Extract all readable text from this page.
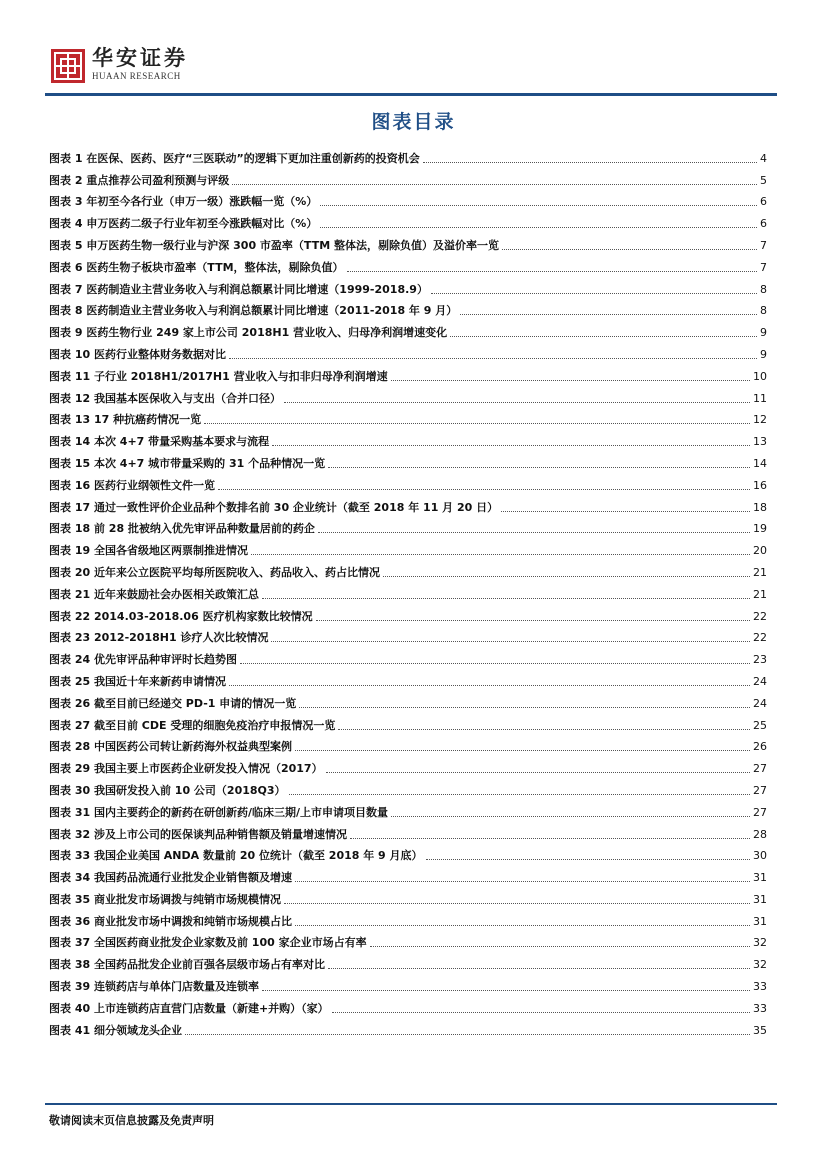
华安证券
HUAAN RESEARCH
图表目录
图表 1 在医保、医药、医疗“三医联动”的逻辑下更加注重创新药的投资机会	4
图表 2 重点推荐公司盈利预测与评级	5
图表 3 年初至今各行业（申万一级）涨跌幅一览（%）	6
图表 4 申万医药二级子行业年初至今涨跌幅对比（%）	6
图表 5 申万医药生物一级行业与沪深 300 市盈率（TTM 整体法，剔除负值）及溢价率一览	7
图表 6 医药生物子板块市盈率（TTM，整体法，剔除负值）	7
图表 7 医药制造业主营业务收入与利润总额累计同比增速（1999-2018.9）	8
图表 8 医药制造业主营业务收入与利润总额累计同比增速（2011-2018 年 9 月）	8
图表 9 医药生物行业 249 家上市公司 2018H1 营业收入、归母净利润增速变化	9
图表 10 医药行业整体财务数据对比	9
图表 11 子行业 2018H1/2017H1 营业收入与扣非归母净利润增速	10
图表 12 我国基本医保收入与支出（合并口径）	11
图表 13 17 种抗癌药情况一览	12
图表 14 本次 4+7 带量采购基本要求与流程	13
图表 15 本次 4+7 城市带量采购的 31 个品种情况一览	14
图表 16 医药行业纲领性文件一览	16
图表 17 通过一致性评价企业品种个数排名前 30 企业统计（截至 2018 年 11 月 20 日）	18
图表 18 前 28 批被纳入优先审评品种数量居前的药企	19
图表 19 全国各省级地区两票制推进情况	20
图表 20 近年来公立医院平均每所医院收入、药品收入、药占比情况	21
图表 21 近年来鼓励社会办医相关政策汇总	21
图表 22 2014.03-2018.06 医疗机构家数比较情况	22
图表 23 2012-2018H1 诊疗人次比较情况	22
图表 24 优先审评品种审评时长趋势图	23
图表 25 我国近十年来新药申请情况	24
图表 26 截至目前已经递交 PD-1 申请的情况一览	24
图表 27 截至目前 CDE 受理的细胞免疫治疗申报情况一览	25
图表 28 中国医药公司转让新药海外权益典型案例	26
图表 29 我国主要上市医药企业研发投入情况（2017）	27
图表 30 我国研发投入前 10 公司（2018Q3）	27
图表 31 国内主要药企的新药在研创新药/临床三期/上市申请项目数量	27
图表 32 涉及上市公司的医保谈判品种销售额及销量增速情况	28
图表 33 我国企业美国 ANDA 数量前 20 位统计（截至 2018 年 9 月底）	30
图表 34 我国药品流通行业批发企业销售额及增速	31
图表 35 商业批发市场调拨与纯销市场规模情况	31
图表 36 商业批发市场中调拨和纯销市场规模占比	31
图表 37 全国医药商业批发企业家数及前 100 家企业市场占有率	32
图表 38 全国药品批发企业前百强各层级市场占有率对比	32
图表 39 连锁药店与单体门店数量及连锁率	33
图表 40 上市连锁药店直营门店数量（新建+并购）（家）	33
图表 41 细分领域龙头企业	35
敬请阅读末页信息披露及免责声明
